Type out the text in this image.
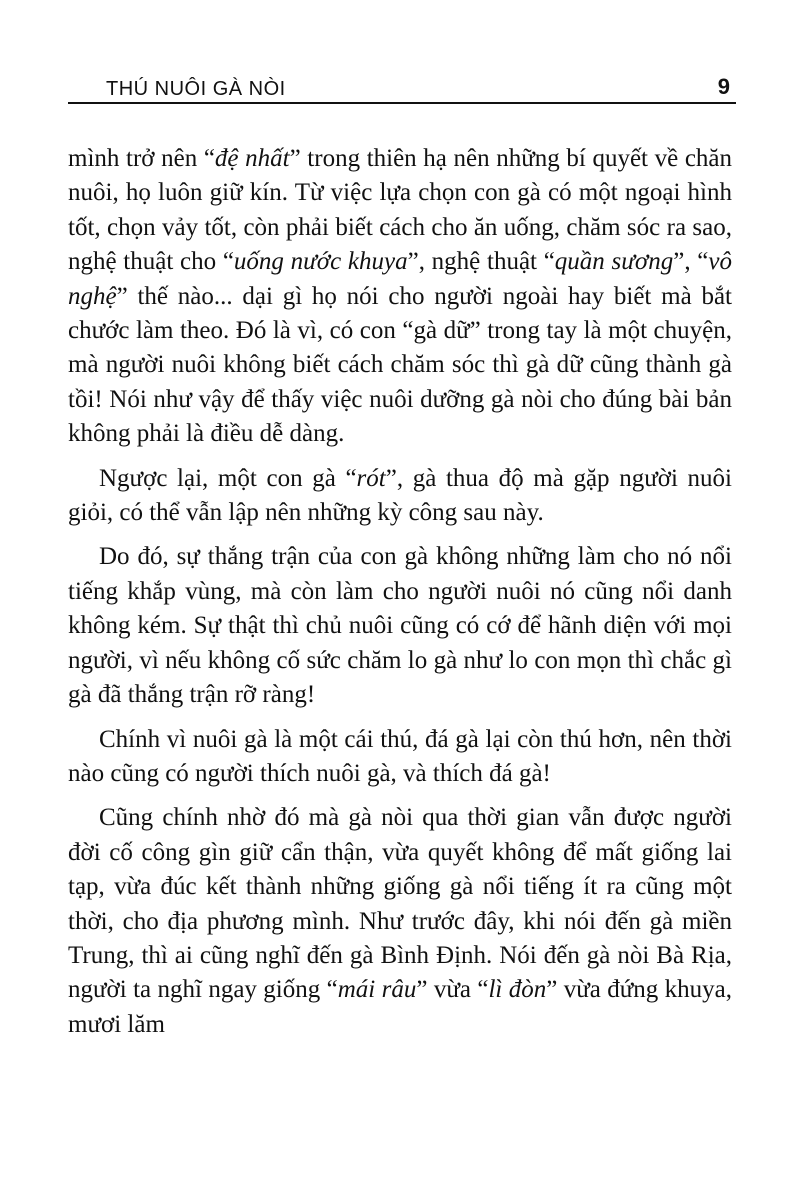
THÚ NUÔI GÀ NÒI	9

mình trở nên “đệ nhất” trong thiên hạ nên những bí quyết về chăn nuôi, họ luôn giữ kín. Từ việc lựa chọn con gà có một ngoại hình tốt, chọn vảy tốt, còn phải biết cách cho ăn uống, chăm sóc ra sao, nghệ thuật cho “uống nước khuya”, nghệ thuật “quần sương”, “vô nghệ” thế nào... dại gì họ nói cho người ngoài hay biết mà bắt chước làm theo. Đó là vì, có con “gà dữ” trong tay là một chuyện, mà người nuôi không biết cách chăm sóc thì gà dữ cũng thành gà tồi! Nói như vậy để thấy việc nuôi dưỡng gà nòi cho đúng bài bản không phải là điều dễ dàng.

Ngược lại, một con gà “rót”, gà thua độ mà gặp người nuôi giỏi, có thể vẫn lập nên những kỳ công sau này.

Do đó, sự thắng trận của con gà không những làm cho nó nổi tiếng khắp vùng, mà còn làm cho người nuôi nó cũng nổi danh không kém. Sự thật thì chủ nuôi cũng có cớ để hãnh diện với mọi người, vì nếu không cố sức chăm lo gà như lo con mọn thì chắc gì gà đã thắng trận rỡ ràng!

Chính vì nuôi gà là một cái thú, đá gà lại còn thú hơn, nên thời nào cũng có người thích nuôi gà, và thích đá gà!

Cũng chính nhờ đó mà gà nòi qua thời gian vẫn được người đời cố công gìn giữ cẩn thận, vừa quyết không để mất giống lai tạp, vừa đúc kết thành những giống gà nổi tiếng ít ra cũng một thời, cho địa phương mình. Như trước đây, khi nói đến gà miền Trung, thì ai cũng nghĩ đến gà Bình Định. Nói đến gà nòi Bà Rịa, người ta nghĩ ngay giống “mái râu” vừa “lì đòn” vừa đứng khuya, mươi lăm
